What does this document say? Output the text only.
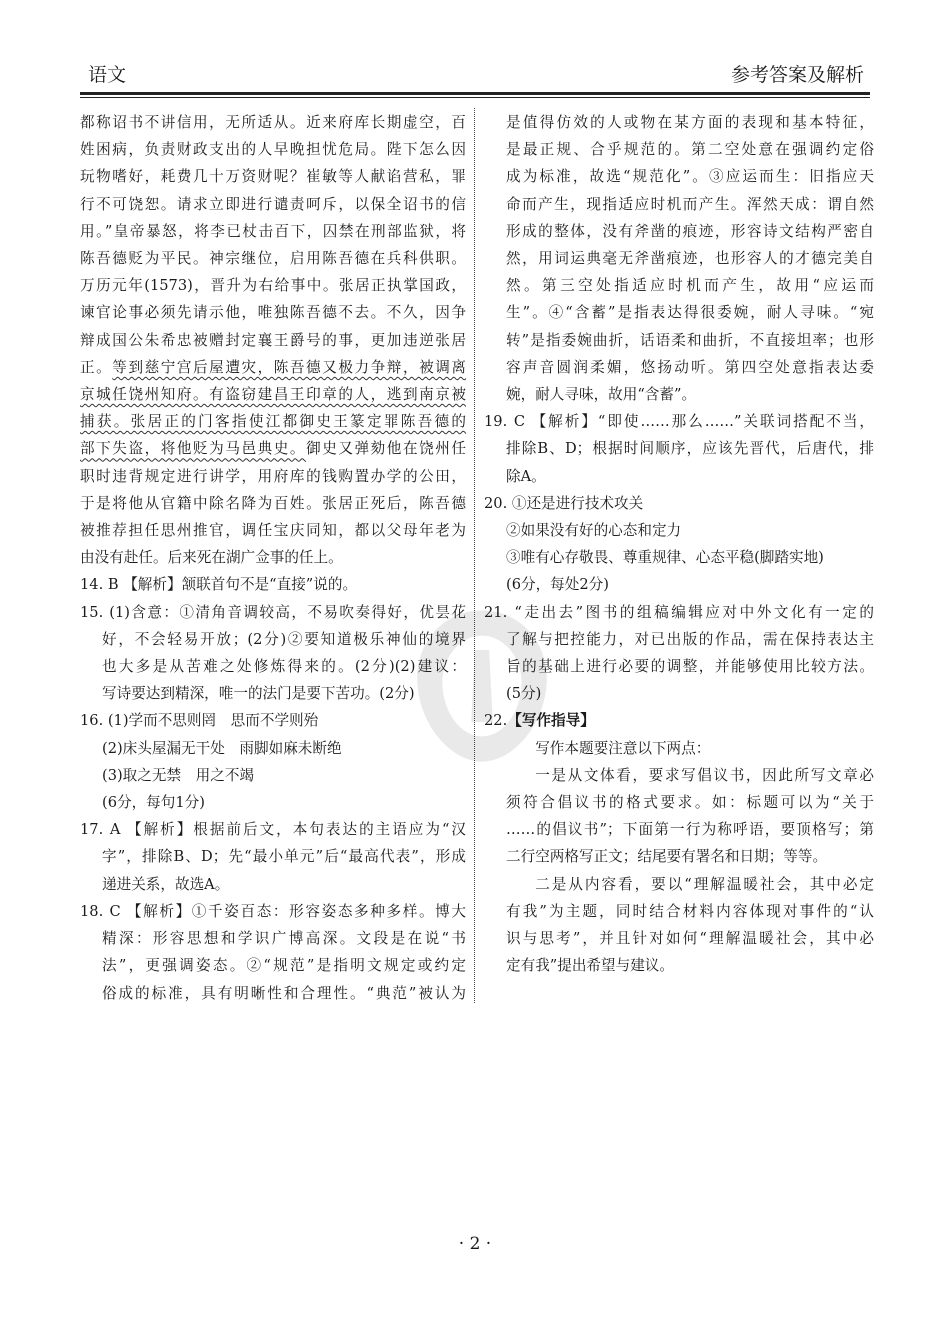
语文	参考答案及解析
都称诏书不讲信用，无所适从。近来府库长期虚空，百
姓困病，负责财政支出的人早晚担忧危局。陛下怎么因
玩物嗜好，耗费几十万资财呢？崔敏等人献谄营私，罪
行不可饶恕。请求立即进行谴责呵斥，以保全诏书的信
用。”皇帝暴怒，将李已杖击百下，囚禁在刑部监狱，将
陈吾德贬为平民。神宗继位，启用陈吾德在兵科供职。
万历元年(1573)，晋升为右给事中。张居正执掌国政，
谏官论事必须先请示他，唯独陈吾德不去。不久，因争
辩成国公朱希忠被赠封定襄王爵号的事，更加违逆张居
正。等到慈宁宫后屋遭灾，陈吾德又极力争辩，被调离
京城任饶州知府。有盗窃建昌王印章的人，逃到南京被
捕获。张居正的门客指使江都御史王篆定罪陈吾德的
部下失盗，将他贬为马邑典史。御史又弹劾他在饶州任
职时违背规定进行讲学，用府库的钱购置办学的公田，
于是将他从官籍中除名降为百姓。张居正死后，陈吾德
被推荐担任思州推官，调任宝庆同知，都以父母年老为
由没有赴任。后来死在湖广佥事的任上。
14. B 【解析】颔联首句不是“直接”说的。
15. (1)含意：①清角音调较高，不易吹奏得好，优昙花
好，不会轻易开放；(2分)②要知道极乐神仙的境界
也大多是从苦难之处修炼得来的。(2分)(2)建议：
写诗要达到精深，唯一的法门是要下苦功。(2分)
16. (1)学而不思则罔　思而不学则殆
(2)床头屋漏无干处　雨脚如麻未断绝
(3)取之无禁　用之不竭
(6分，每句1分)
17. A 【解析】根据前后文，本句表达的主语应为“汉
字”，排除B、D；先“最小单元”后“最高代表”，形成
递进关系，故选A。
18. C 【解析】①千姿百态：形容姿态多种多样。博大
精深：形容思想和学识广博高深。文段是在说“书
法”，更强调姿态。②“规范”是指明文规定或约定
俗成的标准，具有明晰性和合理性。“典范”被认为
是值得仿效的人或物在某方面的表现和基本特征，
是最正规、合乎规范的。第二空处意在强调约定俗
成为标准，故选“规范化”。③应运而生：旧指应天
命而产生，现指适应时机而产生。浑然天成：谓自然
形成的整体，没有斧凿的痕迹，形容诗文结构严密自
然，用词运典毫无斧凿痕迹，也形容人的才德完美自
然。第三空处指适应时机而产生，故用“应运而
生”。④“含蓄”是指表达得很委婉，耐人寻味。“宛
转”是指委婉曲折，话语柔和曲折，不直接坦率；也形
容声音圆润柔媚，悠扬动听。第四空处意指表达委
婉，耐人寻味，故用“含蓄”。
19. C 【解析】“即使……那么……”关联词搭配不当，
排除B、D；根据时间顺序，应该先晋代，后唐代，排
除A。
20. ①还是进行技术攻关
②如果没有好的心态和定力
③唯有心存敬畏、尊重规律、心态平稳(脚踏实地)
(6分，每处2分)
21. “走出去”图书的组稿编辑应对中外文化有一定的
了解与把控能力，对已出版的作品，需在保持表达主
旨的基础上进行必要的调整，并能够使用比较方法。
(5分)
22.【写作指导】
写作本题要注意以下两点：
一是从文体看，要求写倡议书，因此所写文章必
须符合倡议书的格式要求。如：标题可以为“关于
……的倡议书”；下面第一行为称呼语，要顶格写；第
二行空两格写正文；结尾要有署名和日期；等等。
二是从内容看，要以“理解温暖社会，其中必定
有我”为主题，同时结合材料内容体现对事件的“认
识与思考”，并且针对如何“理解温暖社会，其中必
定有我”提出希望与建议。
· 2 ·
